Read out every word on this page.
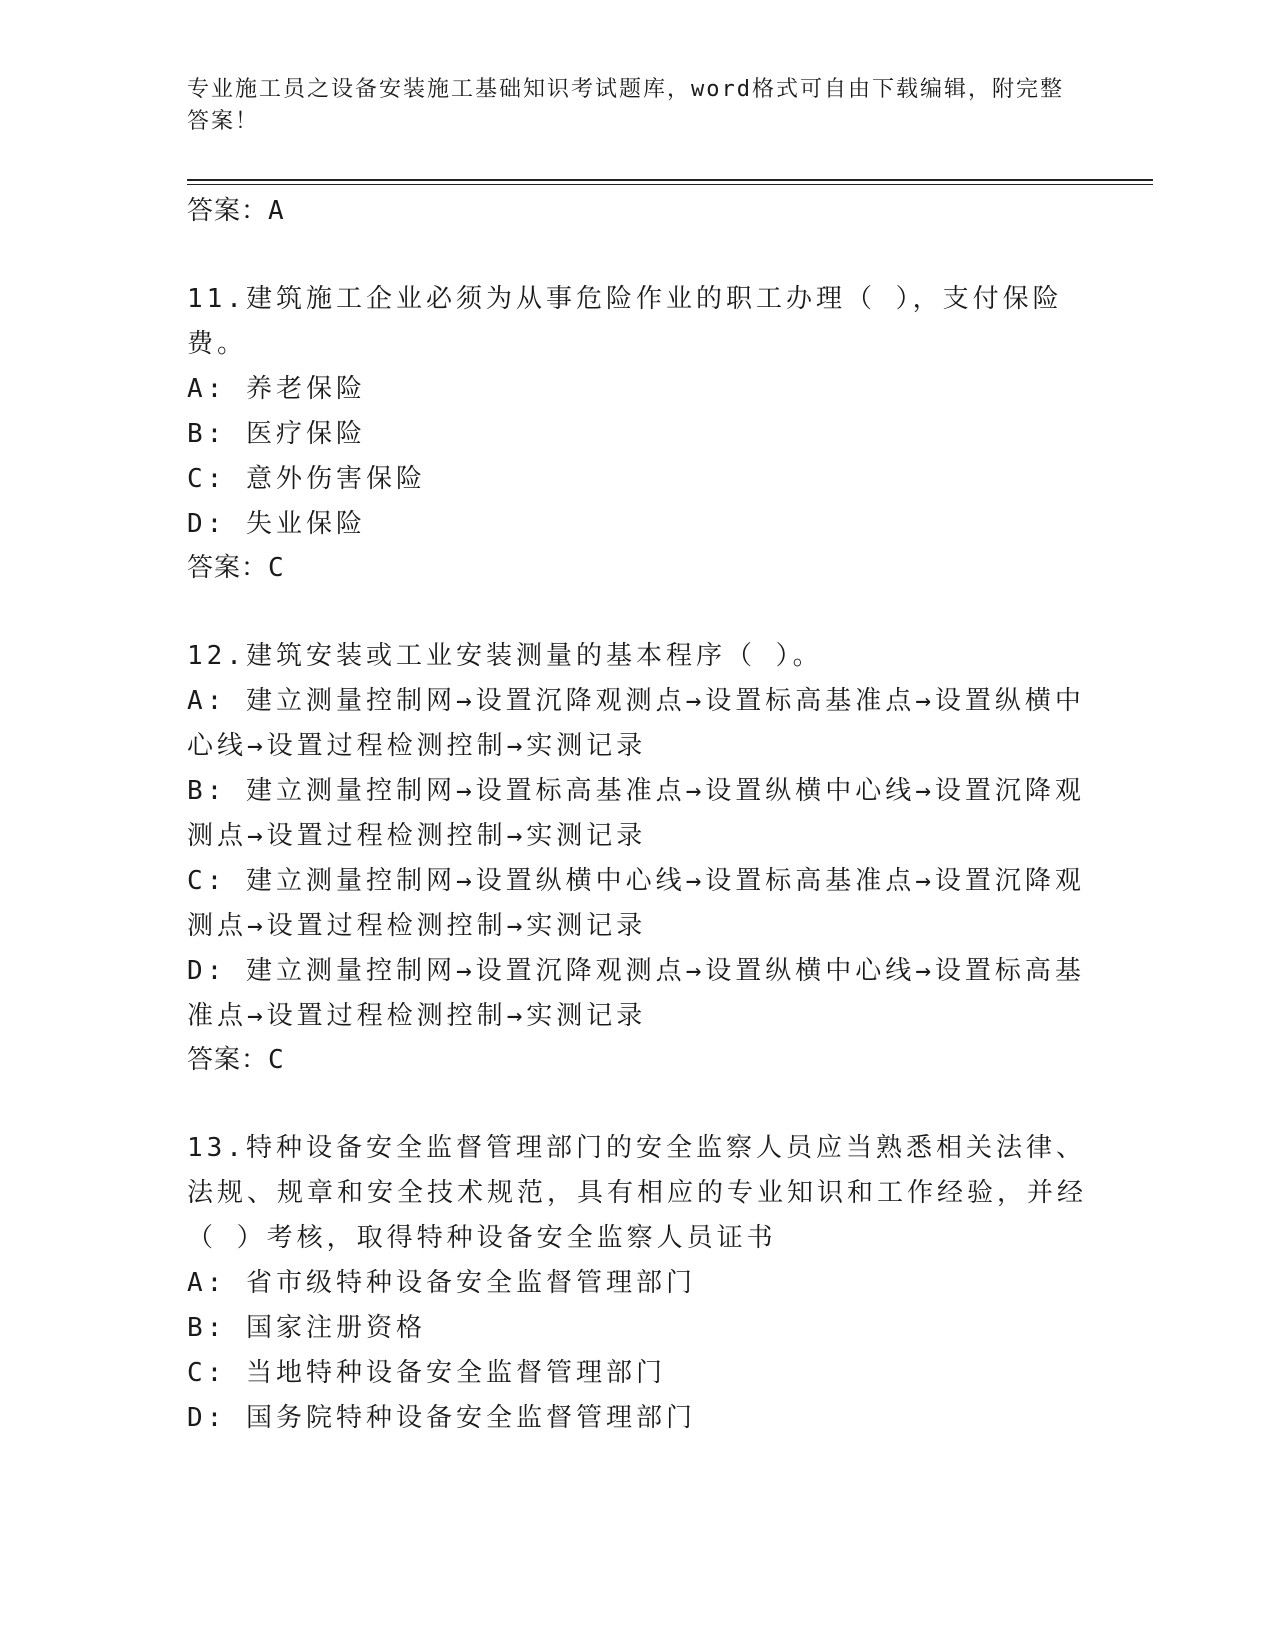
专业施工员之设备安装施工基础知识考试题库，word格式可自由下载编辑，附完整答案！
答案：A
11.建筑施工企业必须为从事危险作业的职工办理（ ），支付保险费。
A: 养老保险
B: 医疗保险
C: 意外伤害保险
D: 失业保险
答案：C
12.建筑安装或工业安装测量的基本程序（ ）。
A: 建立测量控制网→设置沉降观测点→设置标高基准点→设置纵横中心线→设置过程检测控制→实测记录
B: 建立测量控制网→设置标高基准点→设置纵横中心线→设置沉降观测点→设置过程检测控制→实测记录
C: 建立测量控制网→设置纵横中心线→设置标高基准点→设置沉降观测点→设置过程检测控制→实测记录
D: 建立测量控制网→设置沉降观测点→设置纵横中心线→设置标高基准点→设置过程检测控制→实测记录
答案：C
13.特种设备安全监督管理部门的安全监察人员应当熟悉相关法律、法规、规章和安全技术规范，具有相应的专业知识和工作经验，并经（ ）考核，取得特种设备安全监察人员证书
A: 省市级特种设备安全监督管理部门
B: 国家注册资格
C: 当地特种设备安全监督管理部门
D: 国务院特种设备安全监督管理部门
